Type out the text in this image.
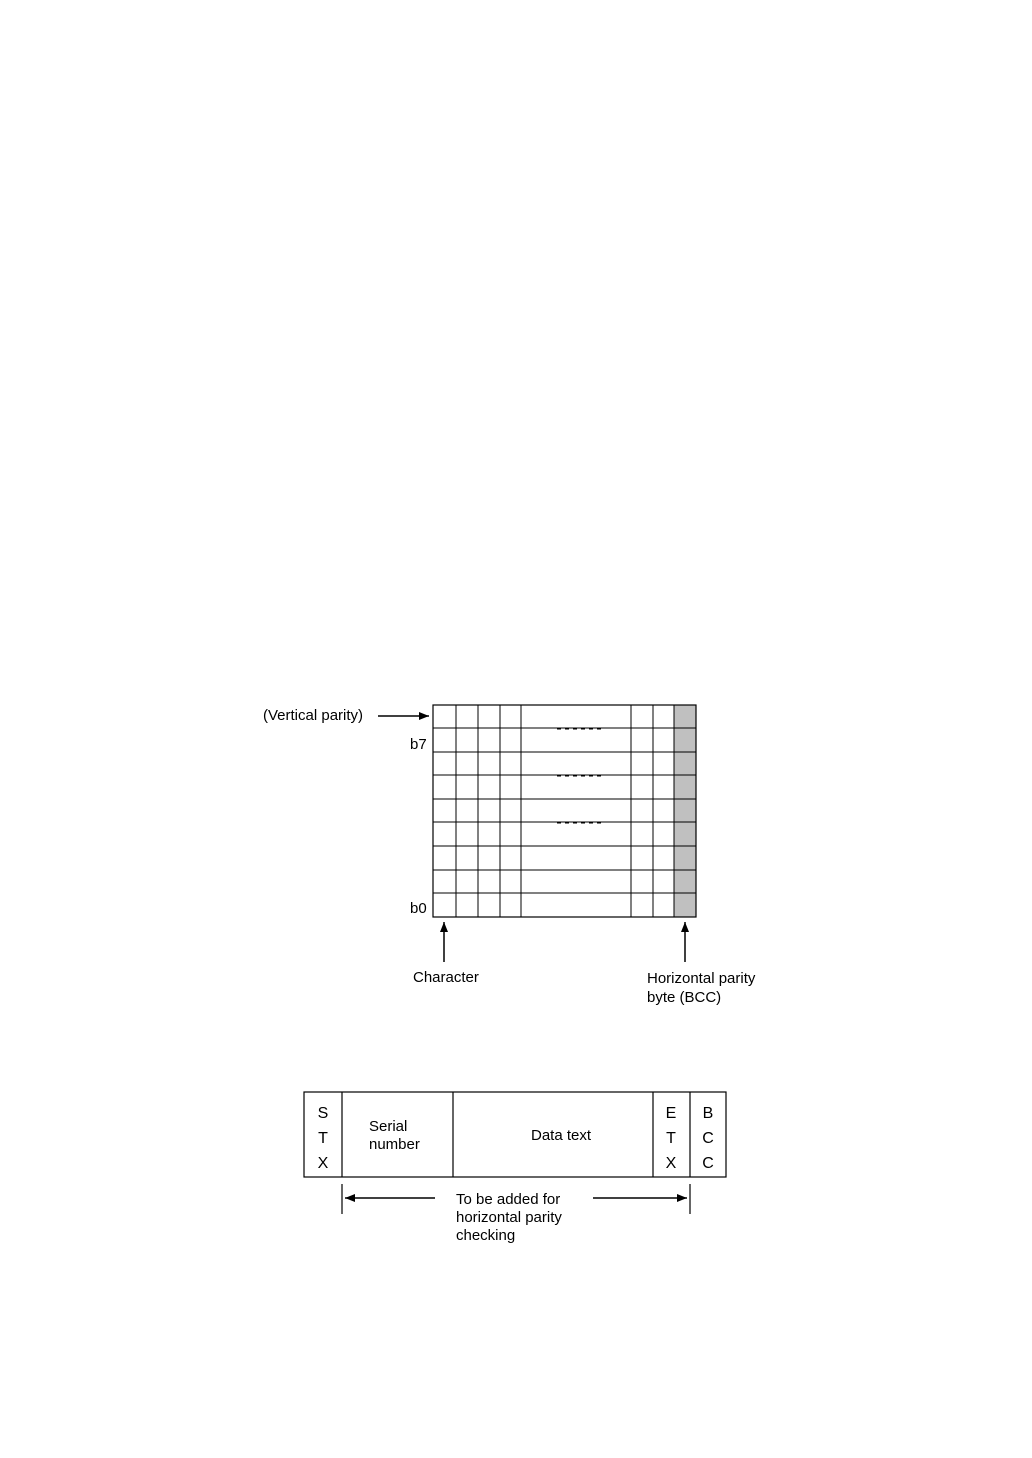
(Vertical parity)
b7
b0
Character	Horizontal parity
byte (BCC)
S
T
X
Serial
number
Data text
E
T
X
B
C
C
To be added for
horizontal parity
checking
